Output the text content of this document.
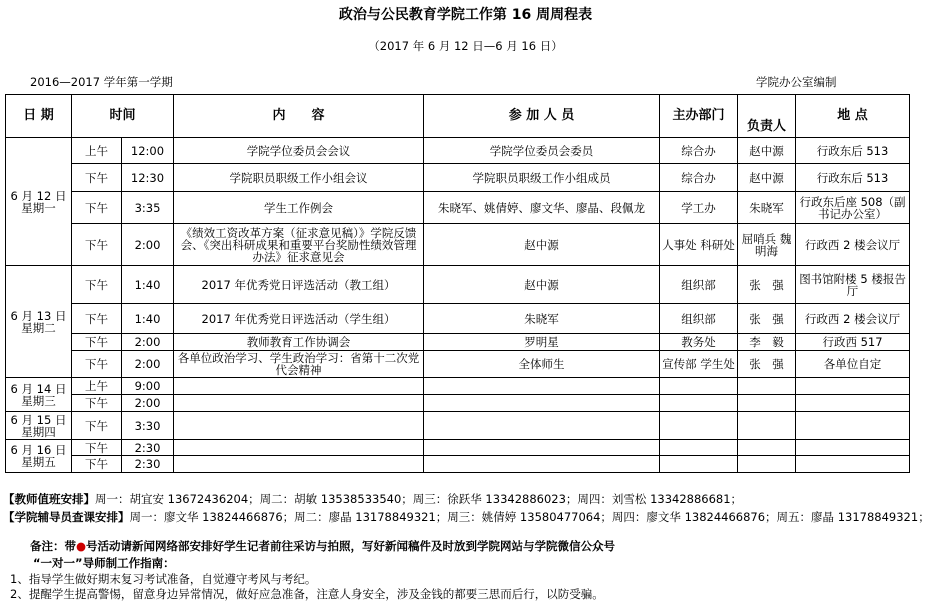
政治与公民教育学院工作第 16 周周程表
（2017 年 6 月 12 日—6 月 16 日）
2016—2017 学年第一学期	学院办公室编制
日 期	时间		内　　容	参 加 人 员	主办部门	负责人	地 点

6 月 12 日
星期一	上午	12:00	学院学位委员会会议	学院学位委员会委员	综合办	赵中源	行政东后 513
	下午	12:30	学院职员职级工作小组会议	学院职员职级工作小组成员	综合办	赵中源	行政东后 513
	下午	3:35	学生工作例会	朱晓军、姚倩婷、廖文华、廖晶、段佩龙	学工办	朱晓军	行政东后座 508（副书记办公室）
	下午	2:00	《绩效工资改革方案（征求意见稿）》学院反馈会、《突出科研成果和重要平台奖励性绩效管理办法》征求意见会	赵中源	人事处 科研处	屈哨兵 魏明海	行政西 2 楼会议厅

6 月 13 日
星期二	下午	1:40	2017 年优秀党日评选活动（教工组）	赵中源	组织部	张　强	图书馆附楼 5 楼报告厅
	下午	1:40	2017 年优秀党日评选活动（学生组）	朱晓军	组织部	张　强	行政西 2 楼会议厅
	下午	2:00	教师教育工作协调会	罗明星	教务处	李　毅	行政西 517
	下午	2:00	各单位政治学习、学生政治学习：省第十二次党代会精神	全体师生	宣传部 学生处	张　强	各单位自定

6 月 14 日
星期三	上午	9:00					
	下午	2:00					

6 月 15 日
星期四	下午	3:30					

6 月 16 日
星期五	下午	2:30					
	下午	2:30					
【教师值班安排】周一：胡宜安 13672436204；周二：胡敏 13538533540；周三：徐跃华 13342886023；周四：刘雪松 13342886681；
【学院辅导员查课安排】周一：廖文华 13824466876；周二：廖晶 13178849321；周三：姚倩婷 13580477064；周四：廖文华 13824466876；周五：廖晶 13178849321；
备注：带●号活动请新闻网络部安排好学生记者前往采访与拍照，写好新闻稿件及时放到学院网站与学院微信公众号
“一对一”导师制工作指南：
1、指导学生做好期末复习考试准备，自觉遵守考风与考纪。
2、提醒学生提高警惕，留意身边异常情况，做好应急准备，注意人身安全，涉及金钱的都要三思而后行，以防受骗。
